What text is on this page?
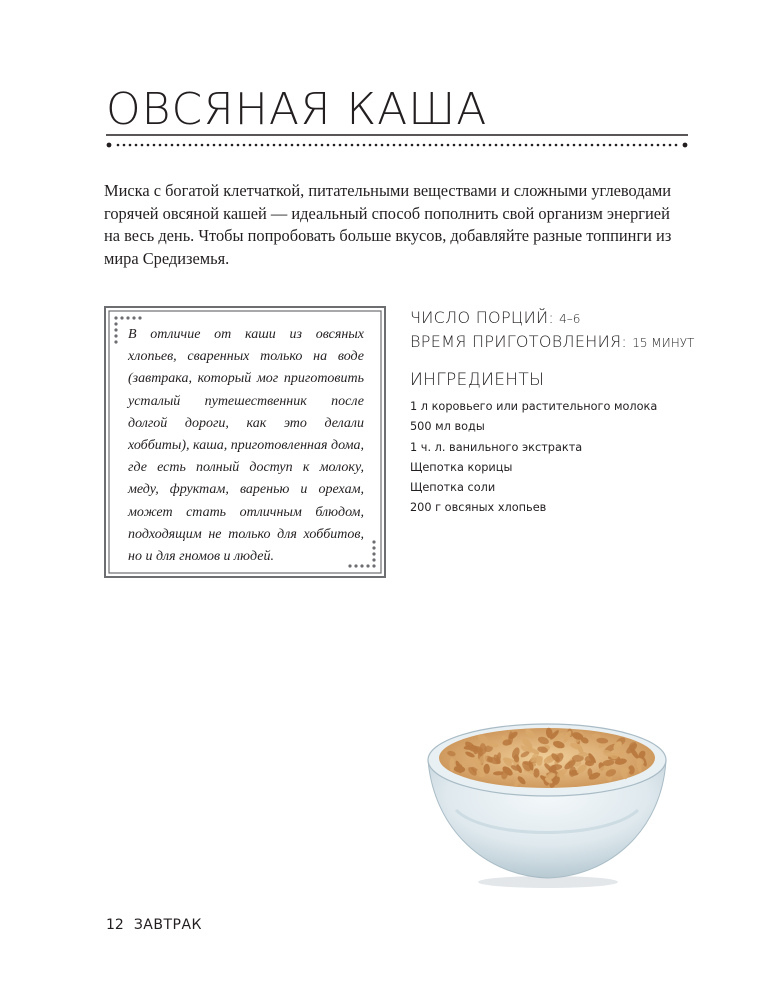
ОВСЯНАЯ КАША

Миска с богатой клетчаткой, питательными веществами и сложными углеводами горячей овсяной кашей — идеальный способ пополнить свой организм энергией на весь день. Чтобы попробовать больше вкусов, добавляйте разные топпинги из мира Средиземья.

В отличие от каши из овсяных хлопьев, сваренных только на воде (завтрака, который мог приготовить усталый путешественник после долгой дороги, как это делали хоббиты), каша, приготовленная дома, где есть полный доступ к молоку, меду, фруктам, варенью и орехам, может стать отличным блюдом, подходящим не только для хоббитов, но и для гномов и людей.

ЧИСЛО ПОРЦИЙ: 4–6
ВРЕМЯ ПРИГОТОВЛЕНИЯ: 15 МИНУТ
ИНГРЕДИЕНТЫ
1 л коровьего или растительного молока
500 мл воды
1 ч. л. ванильного экстракта
Щепотка корицы
Щепотка соли
200 г овсяных хлопьев
12 ЗАВТРАК
